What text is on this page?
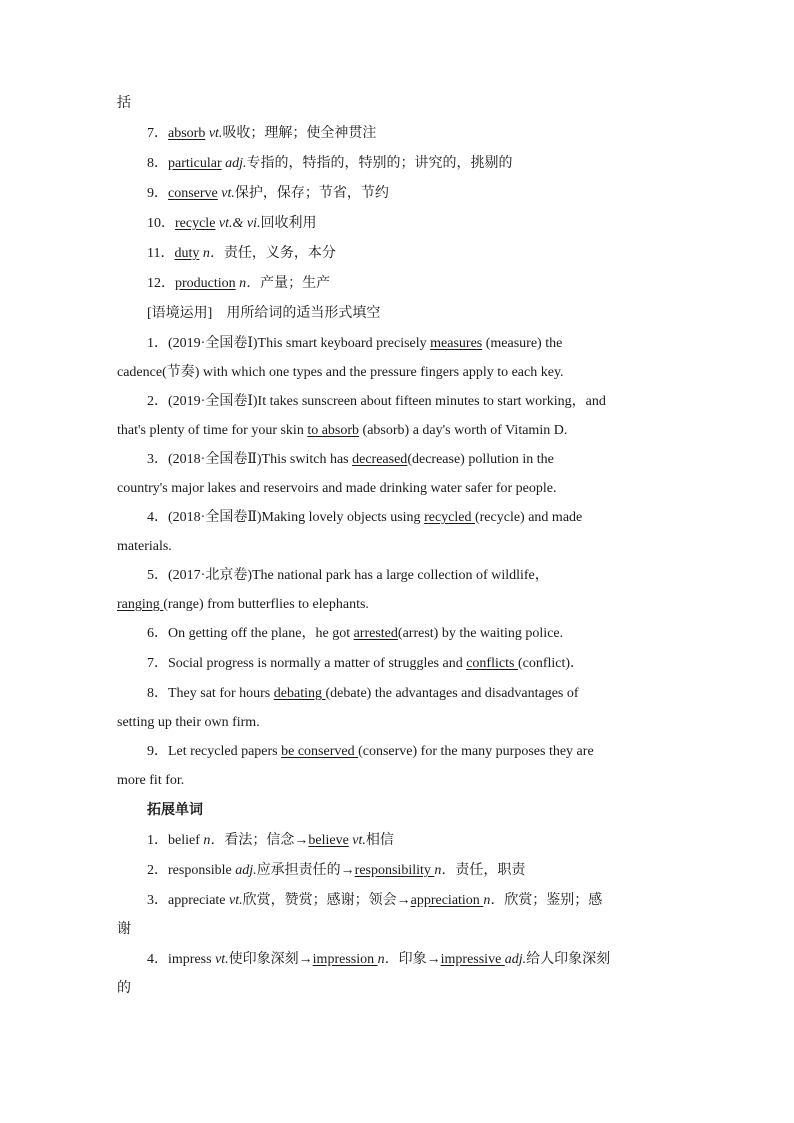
括

7．absorb vt.吸收；理解；使全神贯注

8．particular adj.专指的，特指的，特别的；讲究的，挑剔的

9．conserve vt.保护，保存；节省，节约

10．recycle vt.& vi.回收利用

11．duty n．责任，义务，本分

12．production n．产量；生产

[语境运用]　 用所给词的适当形式填空

1．(2019·全国卷Ⅰ)This smart keyboard precisely measures (measure) the

cadence(节奏) with which one types and the pressure fingers apply to each key.

2．(2019·全国卷Ⅰ)It takes sunscreen about fifteen minutes to start working，and

that's plenty of time for your skin to absorb (absorb) a day's worth of Vitamin D.

3．(2018·全国卷Ⅱ)This switch has decreased(decrease) pollution in the

country's major lakes and reservoirs and made drinking water safer for people.

4．(2018·全国卷Ⅱ)Making lovely objects using recycled (recycle) and made

materials.

5．(2017·北京卷)The national park has a large collection of wildlife，

ranging (range) from butterflies to elephants.

6．On getting off the plane，he got arrested(arrest) by the waiting police.

7．Social progress is normally a matter of struggles and conflicts (conflict)．

8．They sat for hours debating (debate) the advantages and disadvantages of

setting up their own firm.

9．Let recycled papers be conserved (conserve) for the many purposes they are

more fit for.

拓展单词

1．belief n．看法；信念→believe vt.相信

2．responsible adj.应承担责任的→responsibility n．责任，职责

3．appreciate vt.欣赏，赞赏；感谢；领会→appreciation n．欣赏；鉴别；感

谢

4．impress vt.使印象深刻→impression n．印象→impressive adj.给人印象深刻

的
